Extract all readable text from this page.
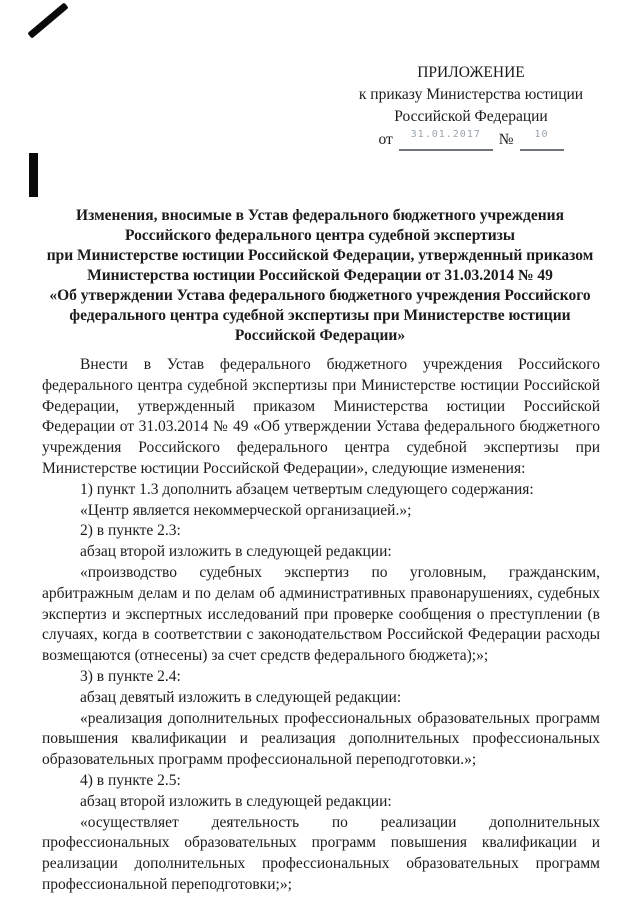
ПРИЛОЖЕНИЕ
к приказу Министерства юстиции
Российской Федерации
от	31.01.2017	№	10
Изменения, вносимые в Устав федерального бюджетного учреждения
Российского федерального центра судебной экспертизы
при Министерстве юстиции Российской Федерации, утвержденный приказом
Министерства юстиции Российской Федерации от 31.03.2014 № 49
«Об утверждении Устава федерального бюджетного учреждения Российского
федерального центра судебной экспертизы при Министерстве юстиции
Российской Федерации»

Внести в Устав федерального бюджетного учреждения Российского федерального центра судебной экспертизы при Министерстве юстиции Российской Федерации, утвержденный приказом Министерства юстиции Российской Федерации от 31.03.2014 № 49 «Об утверждении Устава федерального бюджетного учреждения Российского федерального центра судебной экспертизы при Министерстве юстиции Российской Федерации», следующие изменения:

1) пункт 1.3 дополнить абзацем четвертым следующего содержания:

«Центр является некоммерческой организацией.»;

2) в пункте 2.3:

абзац второй изложить в следующей редакции:

«производство судебных экспертиз по уголовным, гражданским, арбитражным делам и по делам об административных правонарушениях, судебных экспертиз и экспертных исследований при проверке сообщения о преступлении (в случаях, когда в соответствии с законодательством Российской Федерации расходы возмещаются (отнесены) за счет средств федерального бюджета);»;

3) в пункте 2.4:

абзац девятый изложить в следующей редакции:

«реализация дополнительных профессиональных образовательных программ повышения квалификации и реализация дополнительных профессиональных образовательных программ профессиональной переподготовки.»;

4) в пункте 2.5:

абзац второй изложить в следующей редакции:

«осуществляет деятельность по реализации дополнительных профессиональных образовательных программ повышения квалификации и реализации дополнительных профессиональных образовательных программ профессиональной переподготовки;»;
